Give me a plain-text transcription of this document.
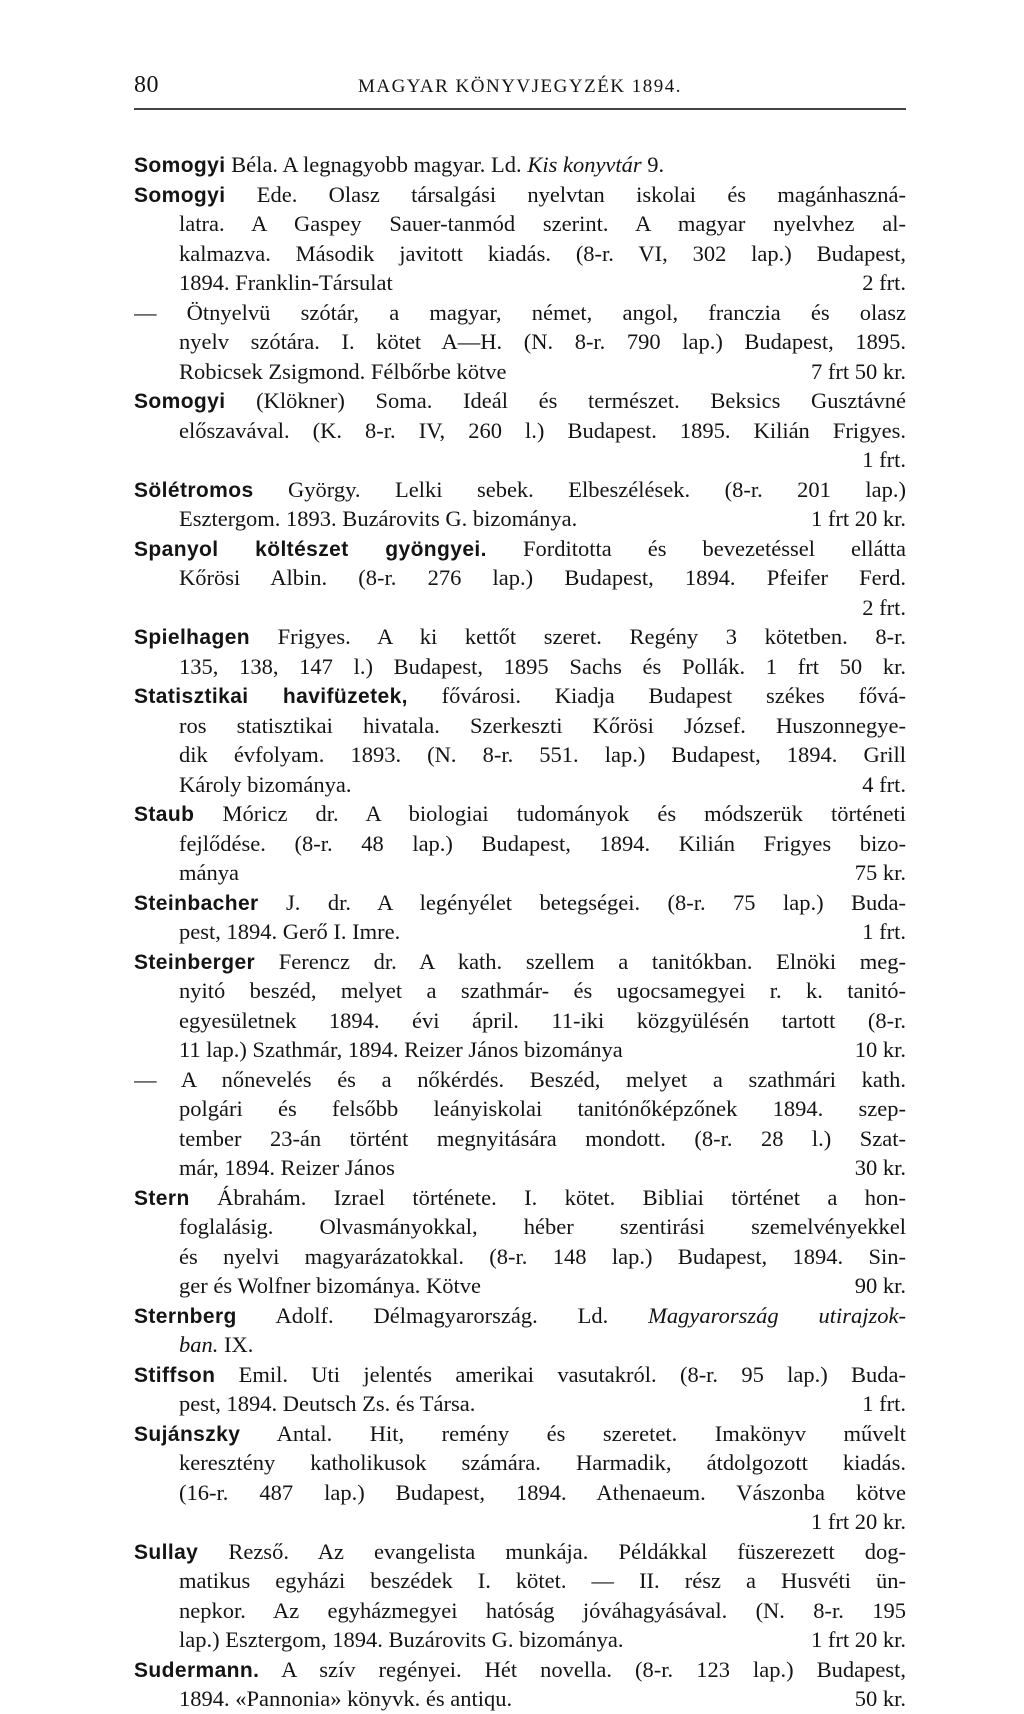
80	MAGYAR KÖNYVJEGYZÉK 1894.
Somogyi Béla. A legnagyobb magyar. Ld. Kis konyvtár 9.
Somogyi Ede. Olasz társalgási nyelvtan iskolai és magánhaszná-
latra. A Gaspey Sauer-tanmód szerint. A magyar nyelvhez al-
kalmazva. Második javitott kiadás. (8-r. VI, 302 lap.) Budapest,
1894. Franklin-Társulat	2 frt.
— Ötnyelvü szótár, a magyar, német, angol, franczia és olasz
nyelv szótára. I. kötet A—H. (N. 8-r. 790 lap.) Budapest, 1895.
Robicsek Zsigmond. Félbőrbe kötve	7 frt 50 kr.
Somogyi (Klökner) Soma. Ideál és természet. Beksics Gusztávné
előszavával. (K. 8-r. IV, 260 l.) Budapest. 1895. Kilián Frigyes.
1 frt.
Sölétromos György. Lelki sebek. Elbeszélések. (8-r. 201 lap.)
Esztergom. 1893. Buzárovits G. bizománya.	1 frt 20 kr.
Spanyol költészet gyöngyei. Forditotta és bevezetéssel ellátta
Kőrösi Albin. (8-r. 276 lap.) Budapest, 1894. Pfeifer Ferd.
2 frt.
Spielhagen Frigyes. A ki kettőt szeret. Regény 3 kötetben. 8-r.
135, 138, 147 l.) Budapest, 1895 Sachs és Pollák. 1 frt 50 kr.
Statisztikai havifüzetek, fővárosi. Kiadja Budapest székes fővá-
ros statisztikai hivatala. Szerkeszti Kőrösi József. Huszonnegye-
dik évfolyam. 1893. (N. 8-r. 551. lap.) Budapest, 1894. Grill
Károly bizománya.	4 frt.
Staub Móricz dr. A biologiai tudományok és módszerük történeti
fejlődése. (8-r. 48 lap.) Budapest, 1894. Kilián Frigyes bizo-
mánya	75 kr.
Steinbacher J. dr. A legényélet betegségei. (8-r. 75 lap.) Buda-
pest, 1894. Gerő I. Imre.	1 frt.
Steinberger Ferencz dr. A kath. szellem a tanitókban. Elnöki meg-
nyitó beszéd, melyet a szathmár- és ugocsamegyei r. k. tanitó-
egyesületnek 1894. évi ápril. 11-iki közgyülésén tartott (8-r.
11 lap.) Szathmár, 1894. Reizer János bizománya	10 kr.
— A nőnevelés és a nőkérdés. Beszéd, melyet a szathmári kath.
polgári és felsőbb leányiskolai tanitónőképzőnek 1894. szep-
tember 23-án történt megnyitására mondott. (8-r. 28 l.) Szat-
már, 1894. Reizer János	30 kr.
Stern Ábrahám. Izrael története. I. kötet. Bibliai történet a hon-
foglalásig. Olvasmányokkal, héber szentirási szemelvényekkel
és nyelvi magyarázatokkal. (8-r. 148 lap.) Budapest, 1894. Sin-
ger és Wolfner bizománya. Kötve	90 kr.
Sternberg Adolf. Délmagyarország. Ld. Magyarország utirajzok-
ban. IX.
Stiffson Emil. Uti jelentés amerikai vasutakról. (8-r. 95 lap.) Buda-
pest, 1894. Deutsch Zs. és Társa.	1 frt.
Sujánszky Antal. Hit, remény és szeretet. Imakönyv művelt
keresztény katholikusok számára. Harmadik, átdolgozott kiadás.
(16-r. 487 lap.) Budapest, 1894. Athenaeum. Vászonba kötve
1 frt 20 kr.
Sullay Rezső. Az evangelista munkája. Példákkal füszerezett dog-
matikus egyházi beszédek I. kötet. — II. rész a Husvéti ün-
nepkor. Az egyházmegyei hatóság jóváhagyásával. (N. 8-r. 195
lap.) Esztergom, 1894. Buzárovits G. bizománya.	1 frt 20 kr.
Sudermann. A szív regényei. Hét novella. (8-r. 123 lap.) Budapest,
1894. «Pannonia» könyvk. és antiqu.	50 kr.
